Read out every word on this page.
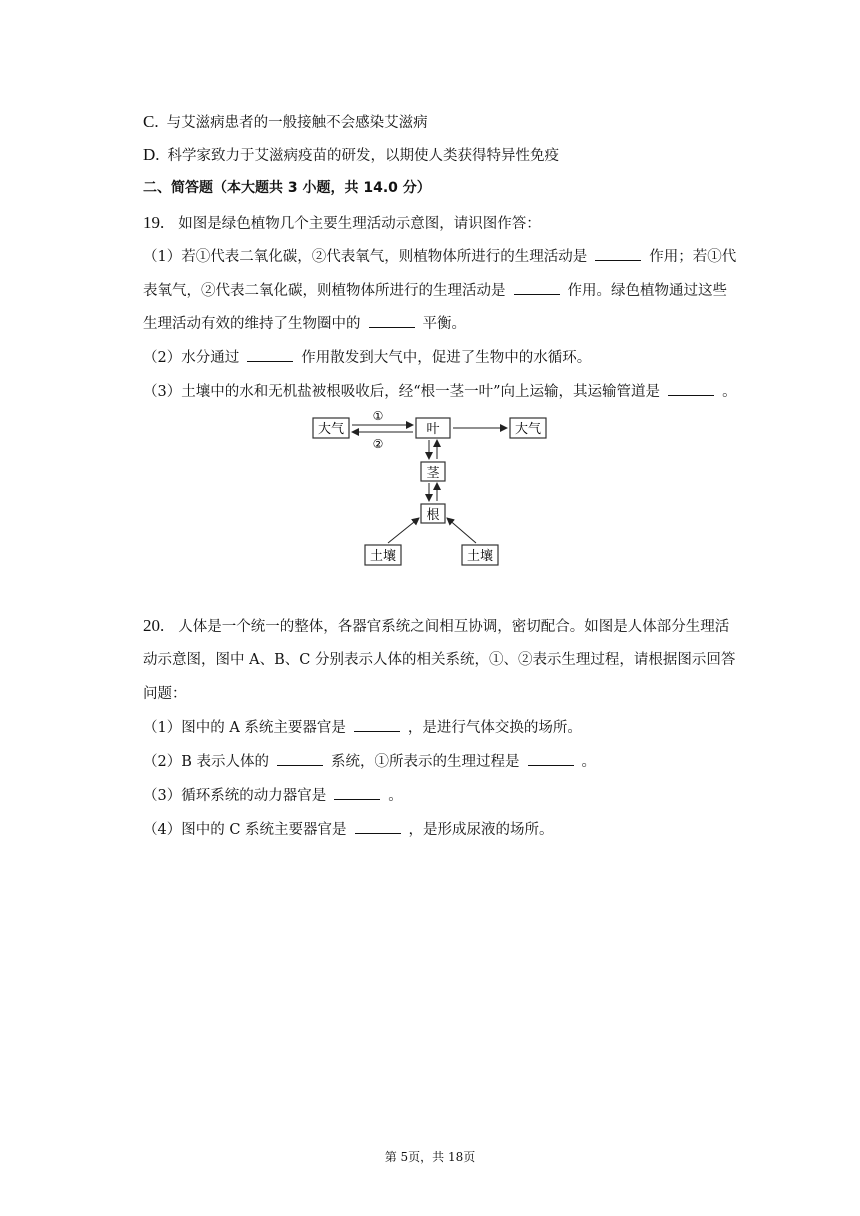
C. 与艾滋病患者的一般接触不会感染艾滋病
D. 科学家致力于艾滋病疫苗的研发，以期使人类获得特异性免疫
二、简答题（本大题共 3 小题，共 14.0 分）
19. 如图是绿色植物几个主要生理活动示意图，请识图作答：
（1）若①代表二氧化碳，②代表氧气，则植物体所进行的生理活动是	作用；若①代
表氧气，②代表二氧化碳，则植物体所进行的生理活动是	作用。绿色植物通过这些
生理活动有效的维持了生物圈中的	平衡。
（2）水分通过	作用散发到大气中，促进了生物中的水循环。
（3）土壤中的水和无机盐被根吸收后，经“根一茎一叶”向上运输，其运输管道是	。
大气	叶	大气
茎
根
土壤	土壤
①
②
20. 人体是一个统一的整体，各器官系统之间相互协调，密切配合。如图是人体部分生理活
动示意图，图中 A、B、C 分别表示人体的相关系统，①、②表示生理过程，请根据图示回答
问题：
（1）图中的 A 系统主要器官是	，是进行气体交换的场所。
（2）B 表示人体的	系统，①所表示的生理过程是	。
（3）循环系统的动力器官是	。
（4）图中的 C 系统主要器官是	，是形成尿液的场所。
第 5页，共 18页
